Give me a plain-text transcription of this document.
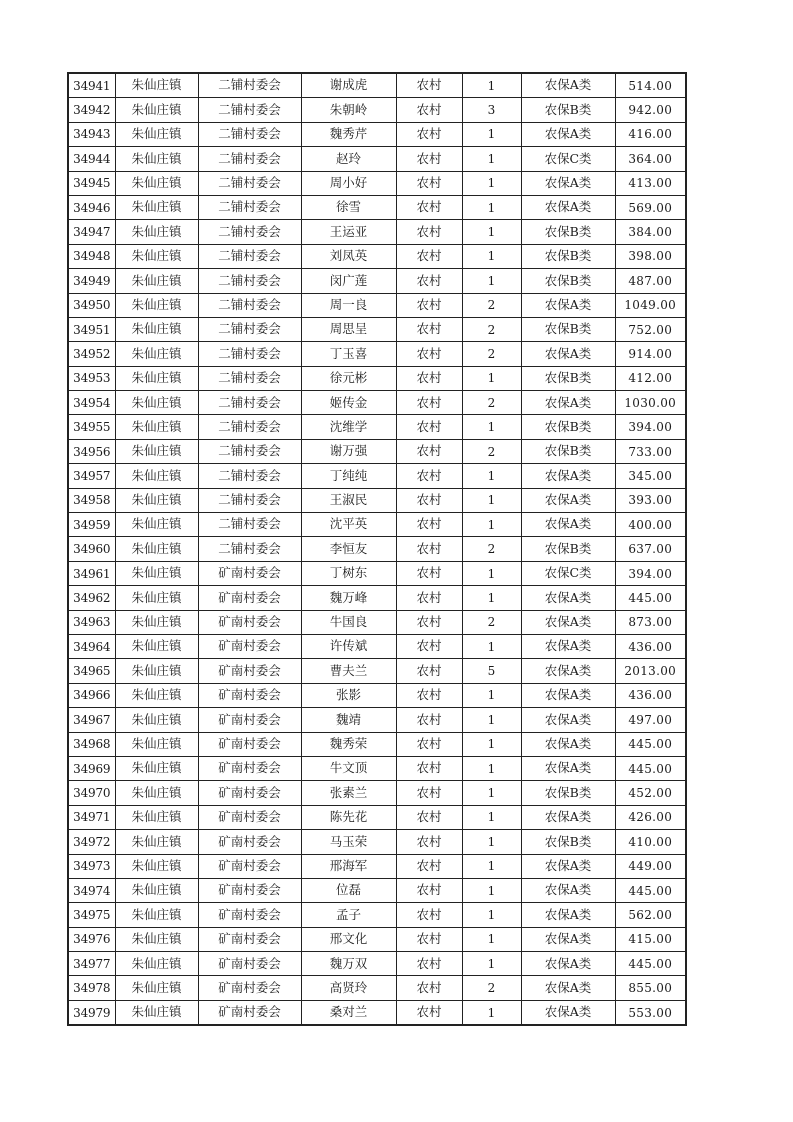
34941	朱仙庄镇	二铺村委会	谢成虎	农村	1	农保A类	514.00
34942	朱仙庄镇	二铺村委会	朱朝岭	农村	3	农保B类	942.00
34943	朱仙庄镇	二铺村委会	魏秀芹	农村	1	农保A类	416.00
34944	朱仙庄镇	二铺村委会	赵玲	农村	1	农保C类	364.00
34945	朱仙庄镇	二铺村委会	周小好	农村	1	农保A类	413.00
34946	朱仙庄镇	二铺村委会	徐雪	农村	1	农保A类	569.00
34947	朱仙庄镇	二铺村委会	王运亚	农村	1	农保B类	384.00
34948	朱仙庄镇	二铺村委会	刘凤英	农村	1	农保B类	398.00
34949	朱仙庄镇	二铺村委会	闵广莲	农村	1	农保B类	487.00
34950	朱仙庄镇	二铺村委会	周一良	农村	2	农保A类	1049.00
34951	朱仙庄镇	二铺村委会	周思呈	农村	2	农保B类	752.00
34952	朱仙庄镇	二铺村委会	丁玉喜	农村	2	农保A类	914.00
34953	朱仙庄镇	二铺村委会	徐元彬	农村	1	农保B类	412.00
34954	朱仙庄镇	二铺村委会	姬传金	农村	2	农保A类	1030.00
34955	朱仙庄镇	二铺村委会	沈维学	农村	1	农保B类	394.00
34956	朱仙庄镇	二铺村委会	谢万强	农村	2	农保B类	733.00
34957	朱仙庄镇	二铺村委会	丁纯纯	农村	1	农保A类	345.00
34958	朱仙庄镇	二铺村委会	王淑民	农村	1	农保A类	393.00
34959	朱仙庄镇	二铺村委会	沈平英	农村	1	农保A类	400.00
34960	朱仙庄镇	二铺村委会	李恒友	农村	2	农保B类	637.00
34961	朱仙庄镇	矿南村委会	丁树东	农村	1	农保C类	394.00
34962	朱仙庄镇	矿南村委会	魏万峰	农村	1	农保A类	445.00
34963	朱仙庄镇	矿南村委会	牛国良	农村	2	农保A类	873.00
34964	朱仙庄镇	矿南村委会	许传斌	农村	1	农保A类	436.00
34965	朱仙庄镇	矿南村委会	曹夫兰	农村	5	农保A类	2013.00
34966	朱仙庄镇	矿南村委会	张影	农村	1	农保A类	436.00
34967	朱仙庄镇	矿南村委会	魏靖	农村	1	农保A类	497.00
34968	朱仙庄镇	矿南村委会	魏秀荣	农村	1	农保A类	445.00
34969	朱仙庄镇	矿南村委会	牛文顶	农村	1	农保A类	445.00
34970	朱仙庄镇	矿南村委会	张素兰	农村	1	农保B类	452.00
34971	朱仙庄镇	矿南村委会	陈先花	农村	1	农保A类	426.00
34972	朱仙庄镇	矿南村委会	马玉荣	农村	1	农保B类	410.00
34973	朱仙庄镇	矿南村委会	邢海军	农村	1	农保A类	449.00
34974	朱仙庄镇	矿南村委会	位磊	农村	1	农保A类	445.00
34975	朱仙庄镇	矿南村委会	孟子	农村	1	农保A类	562.00
34976	朱仙庄镇	矿南村委会	邢文化	农村	1	农保A类	415.00
34977	朱仙庄镇	矿南村委会	魏万双	农村	1	农保A类	445.00
34978	朱仙庄镇	矿南村委会	高贤玲	农村	2	农保A类	855.00
34979	朱仙庄镇	矿南村委会	桑对兰	农村	1	农保A类	553.00
